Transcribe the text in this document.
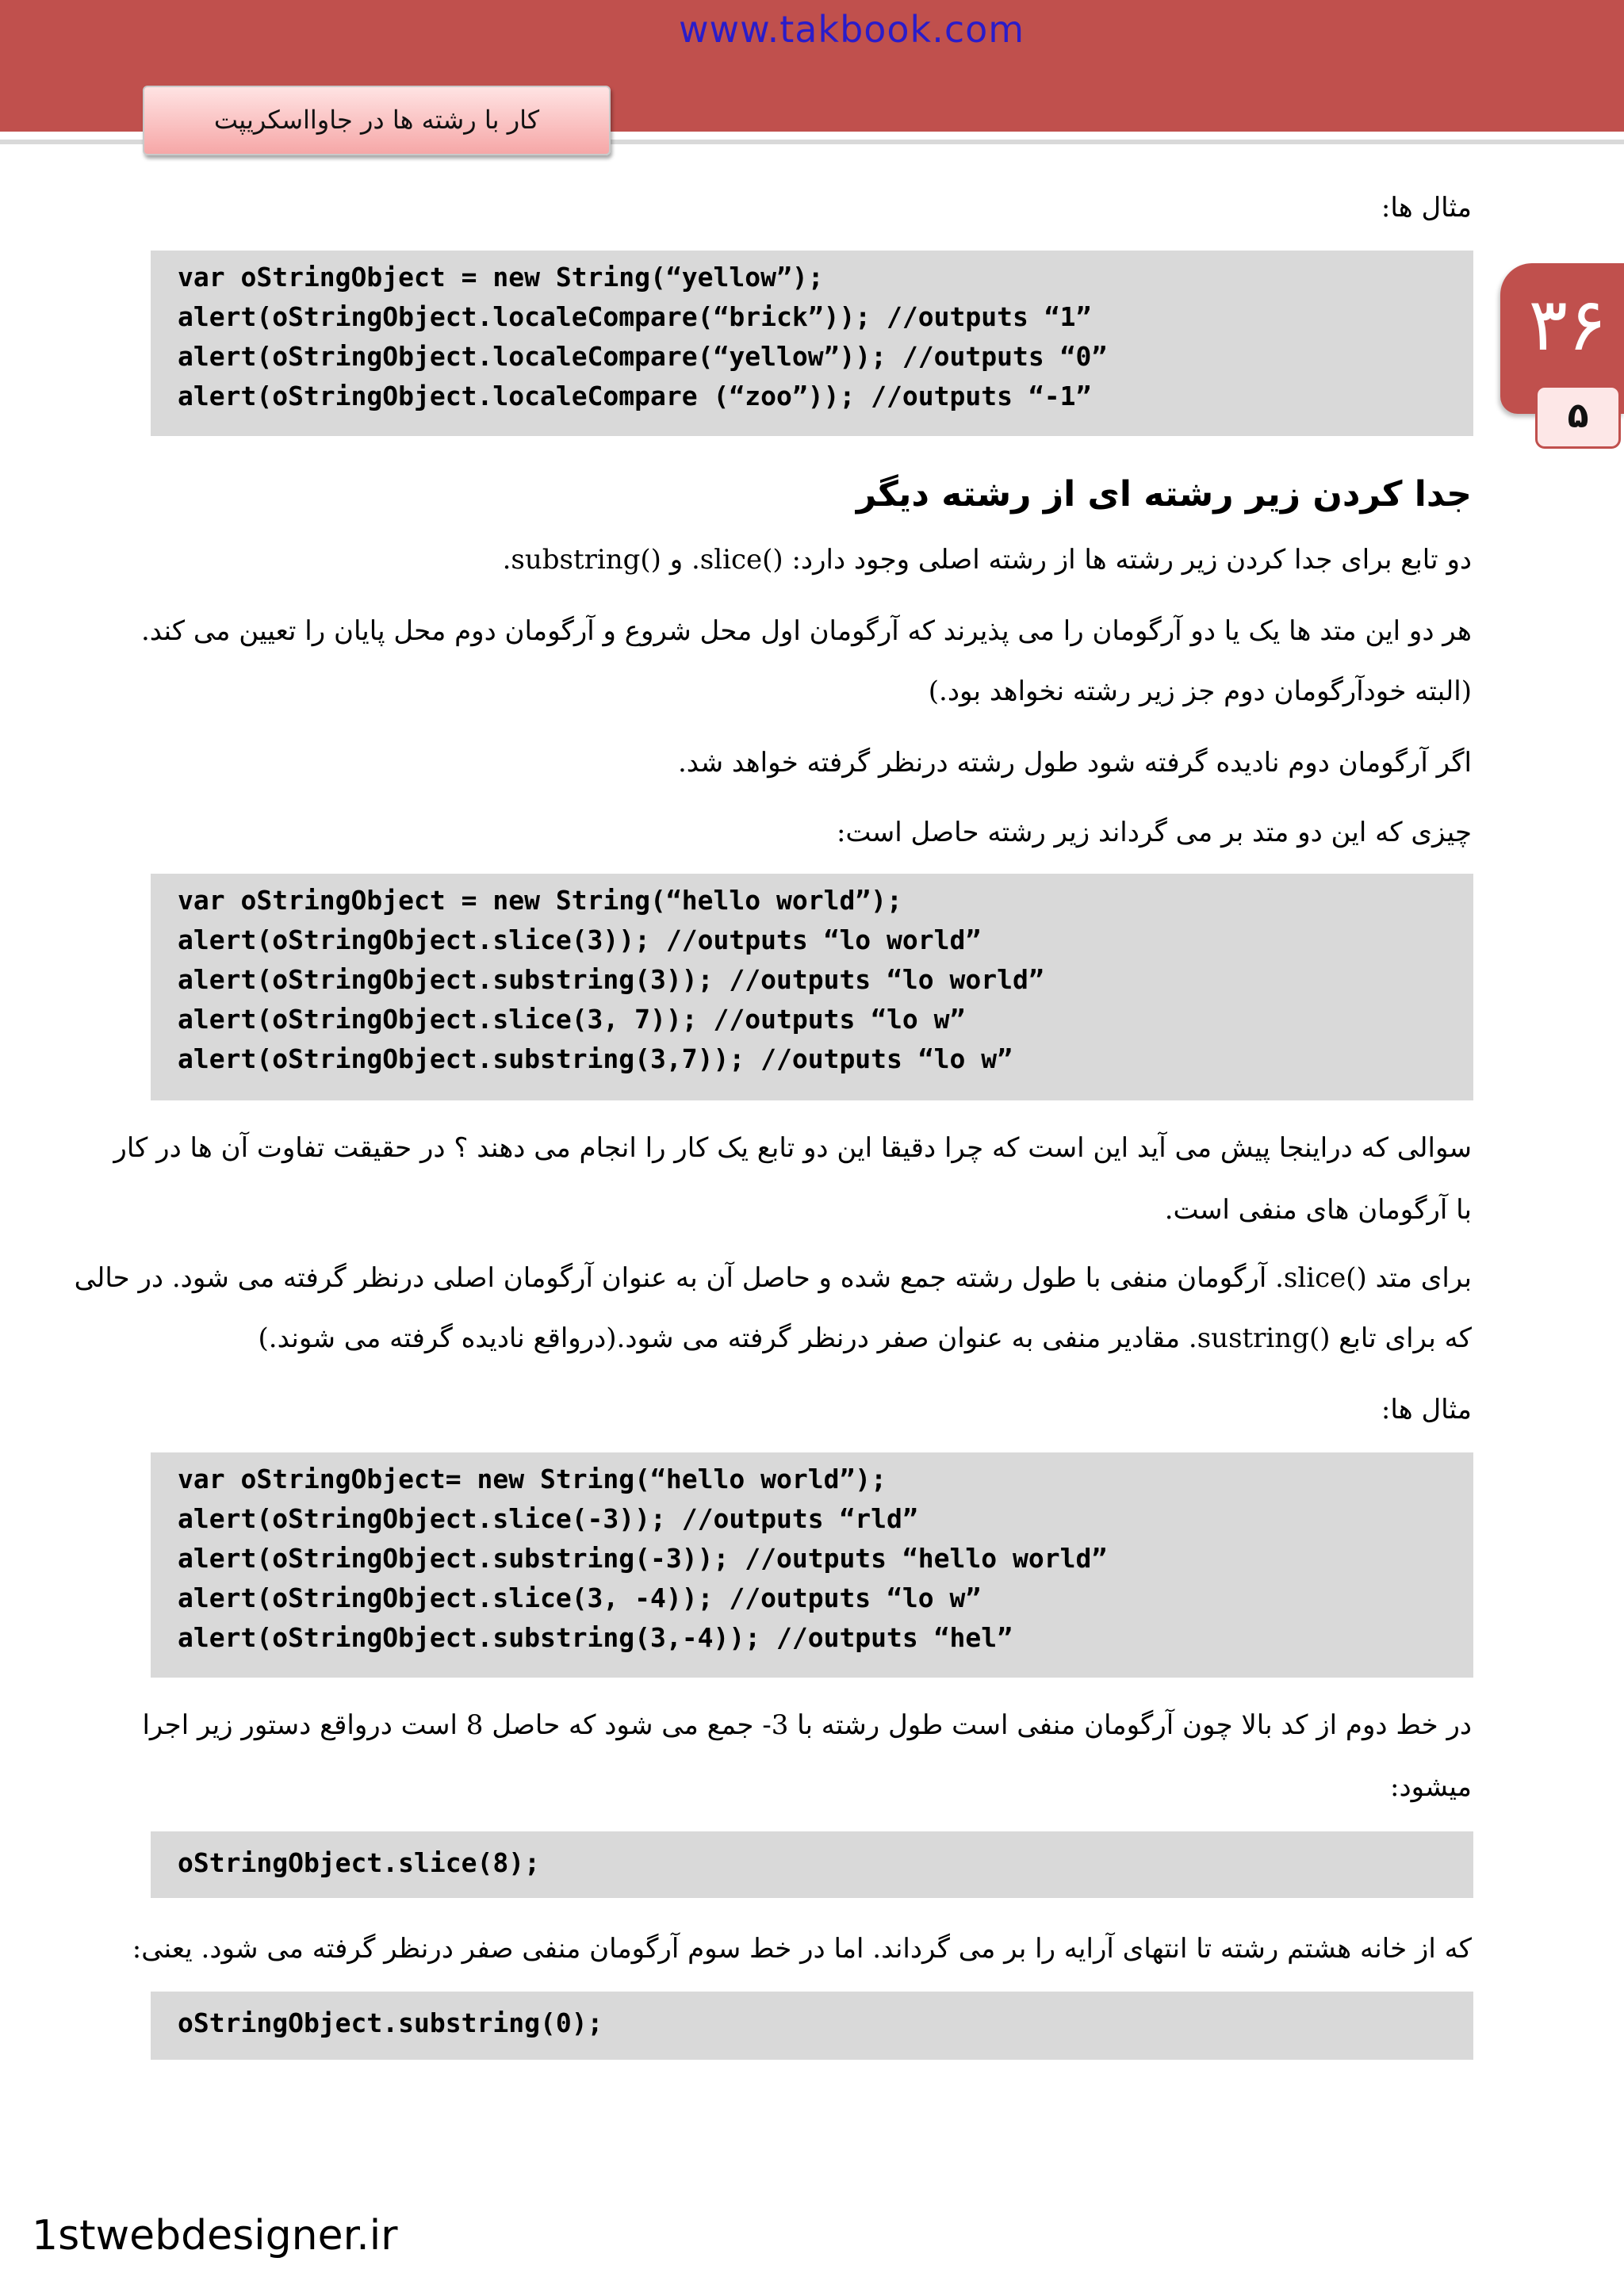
www.takbook.com
کار با رشته ها در جاوااسکریپت
۳۶
۵
مثال ها:
var oStringObject = new String(“yellow”);
alert(oStringObject.localeCompare(“brick”)); //outputs “1”
alert(oStringObject.localeCompare(“yellow”)); //outputs “0”
alert(oStringObject.localeCompare (“zoo”)); //outputs “-1”
جدا کردن زیر رشته ای از رشته دیگر
دو تابع برای جدا کردن زیر رشته ها از رشته اصلی وجود دارد: ()slice. و ()substring.
هر دو این متد ها یک یا دو آرگومان را می پذیرند که آرگومان اول محل شروع و آرگومان دوم محل پایان را تعیین می کند.
(البته خودآرگومان دوم جز زیر رشته نخواهد بود.)
اگر آرگومان دوم نادیده گرفته شود طول رشته درنظر گرفته خواهد شد.
چیزی که این دو متد بر می گرداند زیر رشته حاصل است:
var oStringObject = new String(“hello world”);
alert(oStringObject.slice(3)); //outputs “lo world”
alert(oStringObject.substring(3)); //outputs “lo world”
alert(oStringObject.slice(3, 7)); //outputs “lo w”
alert(oStringObject.substring(3,7)); //outputs “lo w”
سوالی که دراینجا پیش می آید این است که چرا دقیقا این دو تابع یک کار را انجام می دهند ؟ در حقیقت تفاوت آن ها در کار
با آرگومان های منفی است.
برای متد ()slice. آرگومان منفی با طول رشته جمع شده و حاصل آن به عنوان آرگومان اصلی درنظر گرفته می شود. در حالی
که برای تابع ()sustring. مقادیر منفی به عنوان صفر درنظر گرفته می شود.(درواقع نادیده گرفته می شوند.)
مثال ها:
var oStringObject= new String(“hello world”);
alert(oStringObject.slice(-3)); //outputs “rld”
alert(oStringObject.substring(-3)); //outputs “hello world”
alert(oStringObject.slice(3, -4)); //outputs “lo w”
alert(oStringObject.substring(3,-4)); //outputs “hel”
در خط دوم از کد بالا چون آرگومان منفی است طول رشته با 3- جمع می شود که حاصل 8 است درواقع دستور زیر اجرا
میشود:
oStringObject.slice(8);
که از خانه هشتم رشته تا انتهای آرایه را بر می گرداند. اما در خط سوم آرگومان منفی صفر درنظر گرفته می شود. یعنی:
oStringObject.substring(0);
1stwebdesigner.ir
